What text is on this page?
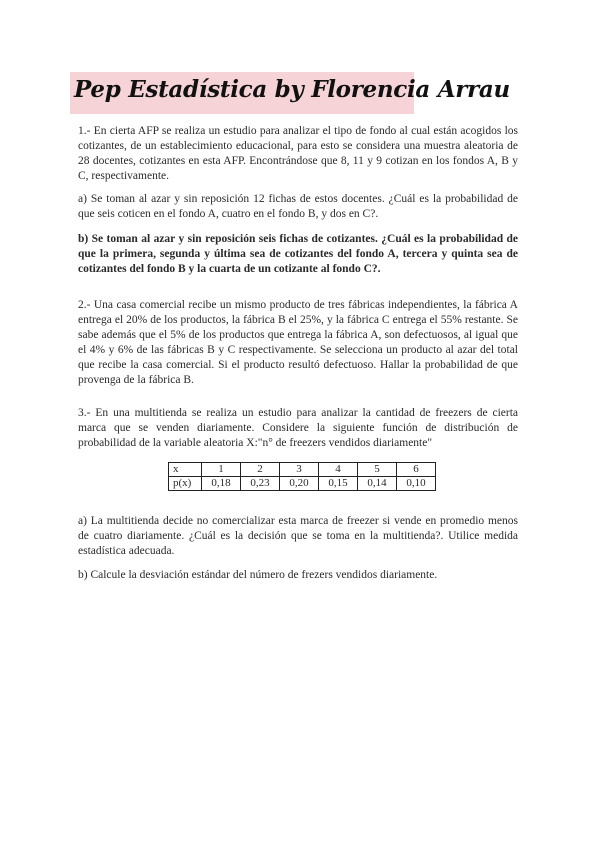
Pep Estadística by Florencia Arrau

1.- En cierta AFP se realiza un estudio para analizar el tipo de fondo al cual están acogidos los cotizantes, de un establecimiento educacional, para esto se considera una muestra aleatoria de 28 docentes, cotizantes en esta AFP. Encontrándose que 8, 11 y 9 cotizan en los fondos A, B y C, respectivamente.

a) Se toman al azar y sin reposición 12 fichas de estos docentes. ¿Cuál es la probabilidad de que seis coticen en el fondo A, cuatro en el fondo B, y dos en C?.

b) Se toman al azar y sin reposición seis fichas de cotizantes. ¿Cuál es la probabilidad de que la primera, segunda y última sea de cotizantes del fondo A, tercera y quinta sea de cotizantes del fondo B y la cuarta de un cotizante al fondo C?.

2.- Una casa comercial recibe un mismo producto de tres fábricas independientes, la fábrica A entrega el 20% de los productos, la fábrica B el 25%, y la fábrica C entrega el 55% restante. Se sabe además que el 5% de los productos que entrega la fábrica A, son defectuosos, al igual que el 4% y 6% de las fábricas B y C respectivamente. Se selecciona un producto al azar del total que recibe la casa comercial. Si el producto resultó defectuoso. Hallar la probabilidad de que provenga de la fábrica B.

3.- En una multitienda se realiza un estudio para analizar la cantidad de freezers de cierta marca que se venden diariamente. Considere la siguiente función de distribución de probabilidad de la variable aleatoria X:"n° de freezers vendidos diariamente"

x	1	2	3	4	5	6
p(x)	0,18	0,23	0,20	0,15	0,14	0,10

a) La multitienda decide no comercializar esta marca de freezer si vende en promedio menos de cuatro diariamente. ¿Cuál es la decisión que se toma en la multitienda?. Utilice medida estadística adecuada.

b) Calcule la desviación estándar del número de frezers vendidos diariamente.
